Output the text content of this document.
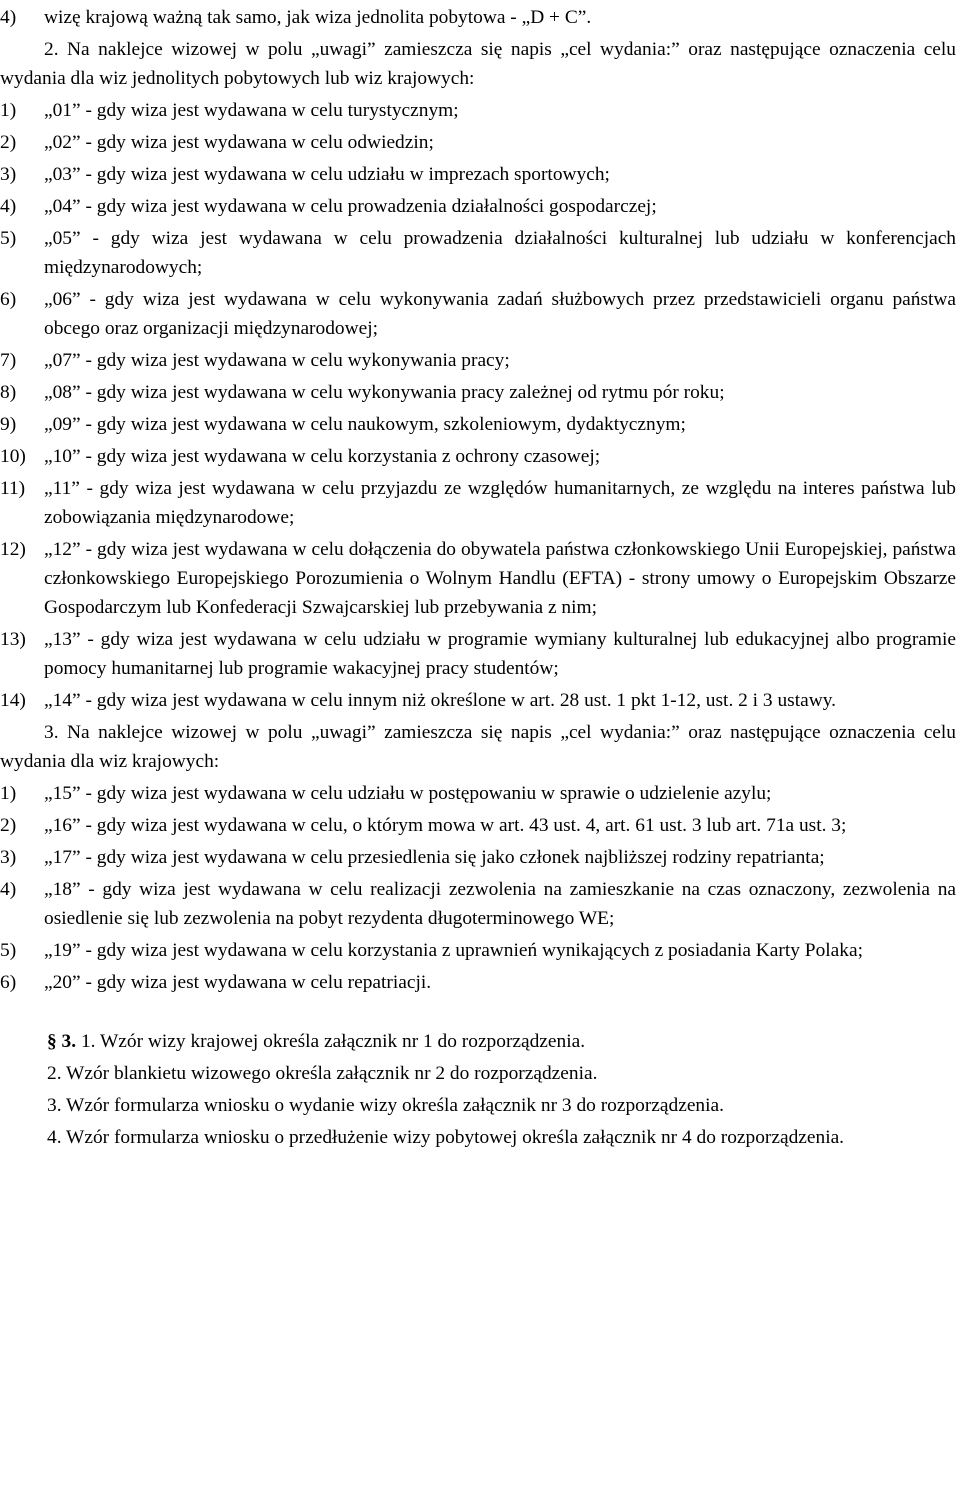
4)	wizę krajową ważną tak samo, jak wiza jednolita pobytowa - „D + C”.
2. Na naklejce wizowej w polu „uwagi” zamieszcza się napis „cel wydania:” oraz następujące oznaczenia celu wydania dla wiz jednolitych pobytowych lub wiz krajowych:
1)	„01” - gdy wiza jest wydawana w celu turystycznym;
2)	„02” - gdy wiza jest wydawana w celu odwiedzin;
3)	„03” - gdy wiza jest wydawana w celu udziału w imprezach sportowych;
4)	„04” - gdy wiza jest wydawana w celu prowadzenia działalności gospodarczej;
5)	„05” - gdy wiza jest wydawana w celu prowadzenia działalności kulturalnej lub udziału w konferencjach międzynarodowych;
6)	„06” - gdy wiza jest wydawana w celu wykonywania zadań służbowych przez przedstawicieli organu państwa obcego oraz organizacji międzynarodowej;
7)	„07” - gdy wiza jest wydawana w celu wykonywania pracy;
8)	„08” - gdy wiza jest wydawana w celu wykonywania pracy zależnej od rytmu pór roku;
9)	„09” - gdy wiza jest wydawana w celu naukowym, szkoleniowym, dydaktycznym;
10) „10” - gdy wiza jest wydawana w celu korzystania z ochrony czasowej;
11) „11” - gdy wiza jest wydawana w celu przyjazdu ze względów humanitarnych, ze względu na interes państwa lub zobowiązania międzynarodowe;
12) „12” - gdy wiza jest wydawana w celu dołączenia do obywatela państwa członkowskiego Unii Europejskiej, państwa członkowskiego Europejskiego Porozumienia o Wolnym Handlu (EFTA) - strony umowy o Europejskim Obszarze Gospodarczym lub Konfederacji Szwajcarskiej lub przebywania z nim;
13) „13” - gdy wiza jest wydawana w celu udziału w programie wymiany kulturalnej lub edukacyjnej albo programie pomocy humanitarnej lub programie wakacyjnej pracy studentów;
14) „14” - gdy wiza jest wydawana w celu innym niż określone w art. 28 ust. 1 pkt 1-12, ust. 2 i 3 ustawy.
3. Na naklejce wizowej w polu „uwagi” zamieszcza się napis „cel wydania:” oraz następujące oznaczenia celu wydania dla wiz krajowych:
1)	„15” - gdy wiza jest wydawana w celu udziału w postępowaniu w sprawie o udzielenie azylu;
2)	„16” - gdy wiza jest wydawana w celu, o którym mowa w art. 43 ust. 4, art. 61 ust. 3 lub art. 71a ust. 3;
3)	„17” - gdy wiza jest wydawana w celu przesiedlenia się jako członek najbliższej rodziny repatrianta;
4)	„18” - gdy wiza jest wydawana w celu realizacji zezwolenia na zamieszkanie na czas oznaczony, zezwolenia na osiedlenie się lub zezwolenia na pobyt rezydenta długoterminowego WE;
5)	„19” - gdy wiza jest wydawana w celu korzystania z uprawnień wynikających z posiadania Karty Polaka;
6)	„20” - gdy wiza jest wydawana w celu repatriacji.
§ 3. 1. Wzór wizy krajowej określa załącznik nr 1 do rozporządzenia.
2. Wzór blankietu wizowego określa załącznik nr 2 do rozporządzenia.
3. Wzór formularza wniosku o wydanie wizy określa załącznik nr 3 do rozporządzenia.
4. Wzór formularza wniosku o przedłużenie wizy pobytowej określa załącznik nr 4 do rozporządzenia.
